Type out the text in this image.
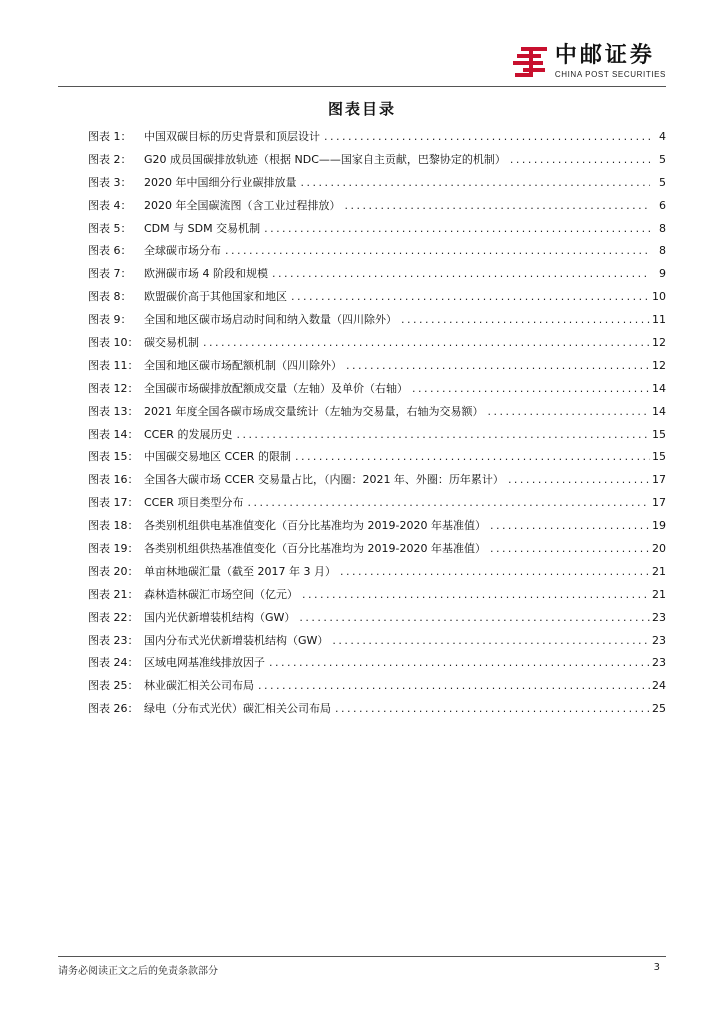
中邮证券
CHINA POST SECURITIES
图表目录
图表 1：	中国双碳目标的历史背景和顶层设计 . . .	4
图表 2：	G20 成员国碳排放轨迹（根据 NDC——国家自主贡献，巴黎协定的机制） . . .	5
图表 3：	2020 年中国细分行业碳排放量 . . .	5
图表 4：	2020 年全国碳流图（含工业过程排放） . . .	6
图表 5：	CDM 与 SDM 交易机制 . . .	8
图表 6：	全球碳市场分布 . . .	8
图表 7：	欧洲碳市场 4 阶段和规模 . . .	9
图表 8：	欧盟碳价高于其他国家和地区 . . .	10
图表 9：	全国和地区碳市场启动时间和纳入数量（四川除外） . . .	11
图表 10： 碳交易机制 . . .	12
图表 11： 全国和地区碳市场配额机制（四川除外） . . .	12
图表 12： 全国碳市场碳排放配额成交量（左轴）及单价（右轴） . . .	14
图表 13： 2021 年度全国各碳市场成交量统计（左轴为交易量，右轴为交易额） . . .	14
图表 14： CCER 的发展历史 . . .	15
图表 15： 中国碳交易地区 CCER 的限制 . . .	15
图表 16： 全国各大碳市场 CCER 交易量占比，（内圈：2021 年、外圈：历年累计） . . .	17
图表 17： CCER 项目类型分布 . . .	17
图表 18： 各类别机组供电基准值变化（百分比基准均为 2019-2020 年基准值） . . .	19
图表 19： 各类别机组供热基准值变化（百分比基准均为 2019-2020 年基准值） . . .	20
图表 20： 单亩林地碳汇量（截至 2017 年 3 月） . . .	21
图表 21： 森林造林碳汇市场空间（亿元） . . .	21
图表 22： 国内光伏新增装机结构（GW） . . .	23
图表 23： 国内分布式光伏新增装机结构（GW） . . .	23
图表 24： 区域电网基准线排放因子 . . .	23
图表 25： 林业碳汇相关公司布局 . . .	24
图表 26： 绿电（分布式光伏）碳汇相关公司布局 . . .	25
请务必阅读正文之后的免责条款部分	3
